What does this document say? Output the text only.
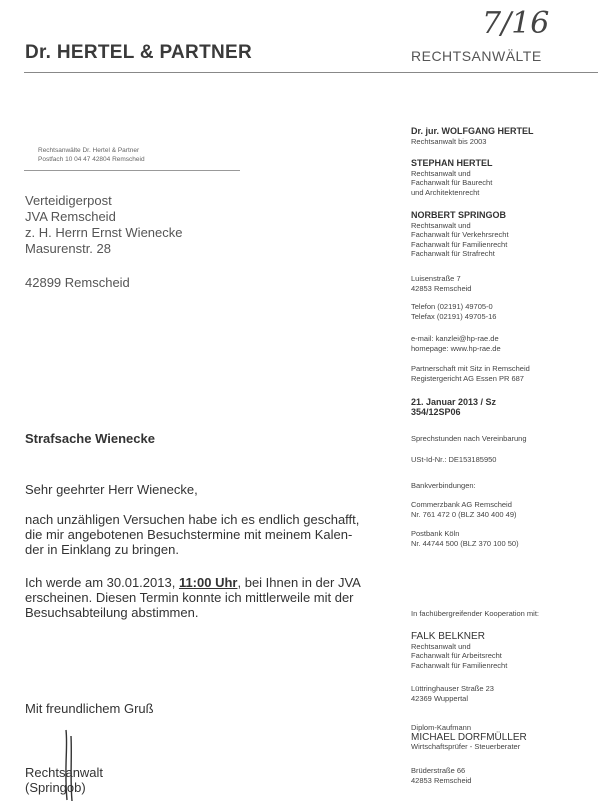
Dr. HERTEL & PARTNER	RECHTSANWÄLTE
7/16
Rechtsanwälte Dr. Hertel & Partner
Postfach 10 04 47 42804 Remscheid
Verteidigerpost
JVA Remscheid
z. H. Herrn Ernst Wienecke
Masurenstr. 28
42899 Remscheid
Dr. jur. WOLFGANG HERTEL
Rechtsanwalt bis 2003
STEPHAN HERTEL
Rechtsanwalt und
Fachanwalt für Baurecht
und Architektenrecht
NORBERT SPRINGOB
Rechtsanwalt und
Fachanwalt für Verkehrsrecht
Fachanwalt für Familienrecht
Fachanwalt für Strafrecht
Luisenstraße 7
42853 Remscheid
Telefon (02191) 49705-0
Telefax (02191) 49705-16
e-mail: kanzlei@hp-rae.de
homepage: www.hp-rae.de
Partnerschaft mit Sitz in Remscheid
Registergericht AG Essen PR 687
21. Januar 2013 / Sz
354/12SP06
Sprechstunden nach Vereinbarung
USt-Id-Nr.: DE153185950
Bankverbindungen:
Commerzbank AG Remscheid
Nr. 761 472 0 (BLZ 340 400 49)
Postbank Köln
Nr. 44744 500 (BLZ 370 100 50)
In fachübergreifender Kooperation mit:
FALK BELKNER
Rechtsanwalt und
Fachanwalt für Arbeitsrecht
Fachanwalt für Familienrecht
Lüttringhauser Straße 23
42369 Wuppertal
Diplom-Kaufmann
MICHAEL DORFMÜLLER
Wirtschaftsprüfer - Steuerberater
Brüderstraße 66
42853 Remscheid
Strafsache Wienecke
Sehr geehrter Herr Wienecke,
nach unzähligen Versuchen habe ich es endlich geschafft,
die mir angebotenen Besuchstermine mit meinem Kalen-
der in Einklang zu bringen.
Ich werde am 30.01.2013, 11:00 Uhr, bei Ihnen in der JVA
erscheinen. Diesen Termin konnte ich mittlerweile mit der
Besuchsabteilung abstimmen.
Mit freundlichem Gruß
Rechtsanwalt
(Springob)
